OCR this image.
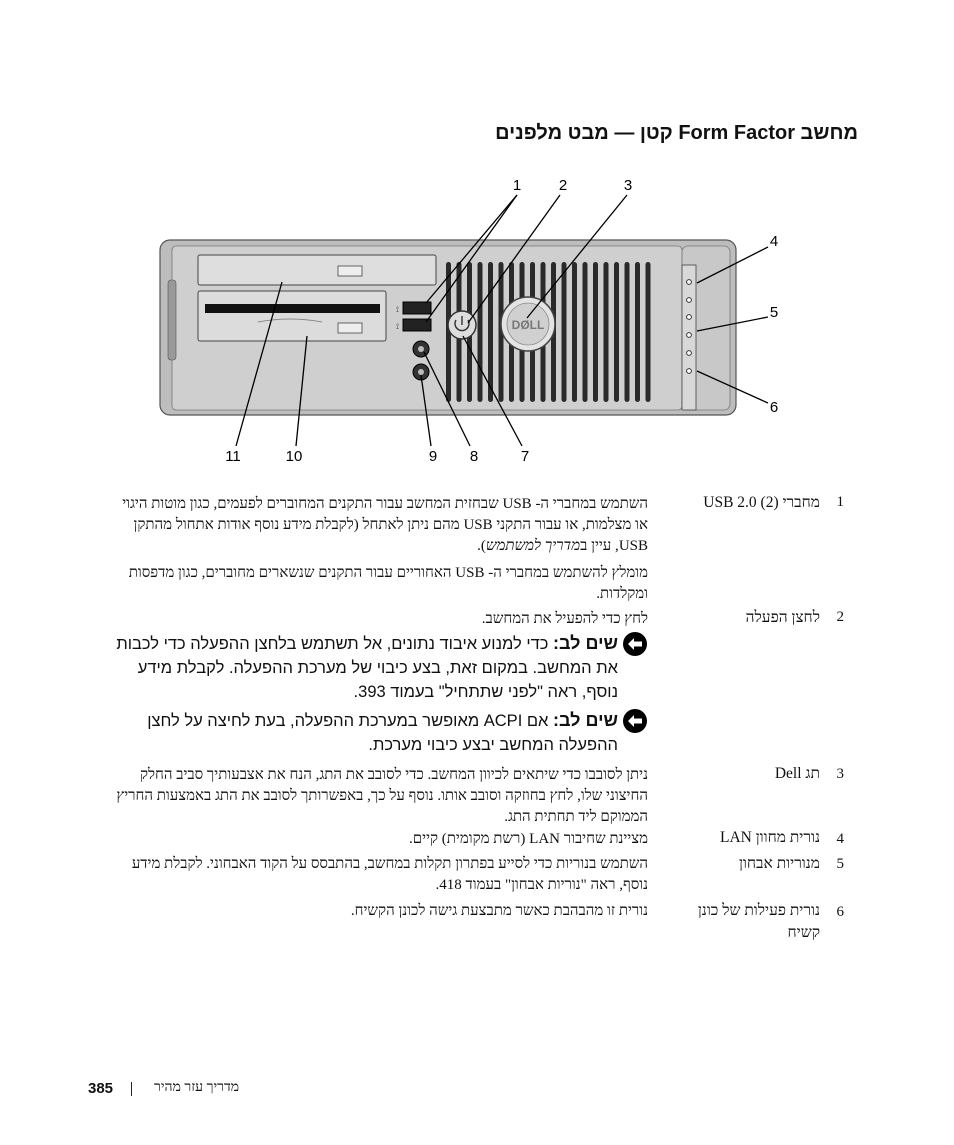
מחשב Form Factor קטן — מבט מלפנים
⟟
⟟	DØLL
1	2	3
4
5
6
7
8
9
10
11
1
מחברי USB 2.0 (2)
השתמש במחברי ה- USB שבחזית המחשב עבור התקנים המחוברים לפעמים, כגון מוטות היגוי או מצלמות, או עבור התקני USB מהם ניתן לאתחל (לקבלת מידע נוסף אודות אתחול מהתקן USB, עיין במדריך למשתמש).
מומלץ להשתמש במחברי ה- USB האחוריים עבור התקנים שנשארים מחוברים, כגון מדפסות ומקלדות.
2
לחצן הפעלה
לחץ כדי להפעיל את המחשב.
שים לב: כדי למנוע איבוד נתונים, אל תשתמש בלחצן ההפעלה כדי לכבות את המחשב. במקום זאת, בצע כיבוי של מערכת ההפעלה. לקבלת מידע נוסף, ראה "לפני שתתחיל" בעמוד 393.
שים לב: אם ACPI מאופשר במערכת ההפעלה, בעת לחיצה על לחצן ההפעלה המחשב יבצע כיבוי מערכת.
3
תג Dell
ניתן לסובבו כדי שיתאים לכיוון המחשב. כדי לסובב את התג, הנח את אצבעותיך סביב החלק החיצוני שלו, לחץ בחוזקה וסובב אותו. נוסף על כך, באפשרותך לסובב את התג באמצעות החריץ הממוקם ליד תחתית התג.
4
נורית מחוון LAN
מציינת שחיבור LAN (רשת מקומית) קיים.
5
מנוריות אבחון
השתמש בנוריות כדי לסייע בפתרון תקלות במחשב, בהתבסס על הקוד האבחוני. לקבלת מידע נוסף, ראה "נוריות אבחון" בעמוד 418.
6
נורית פעילות של כונן קשיח
נורית זו מהבהבת כאשר מתבצעת גישה לכונן הקשיח.
385	מדריך עזר מהיר
